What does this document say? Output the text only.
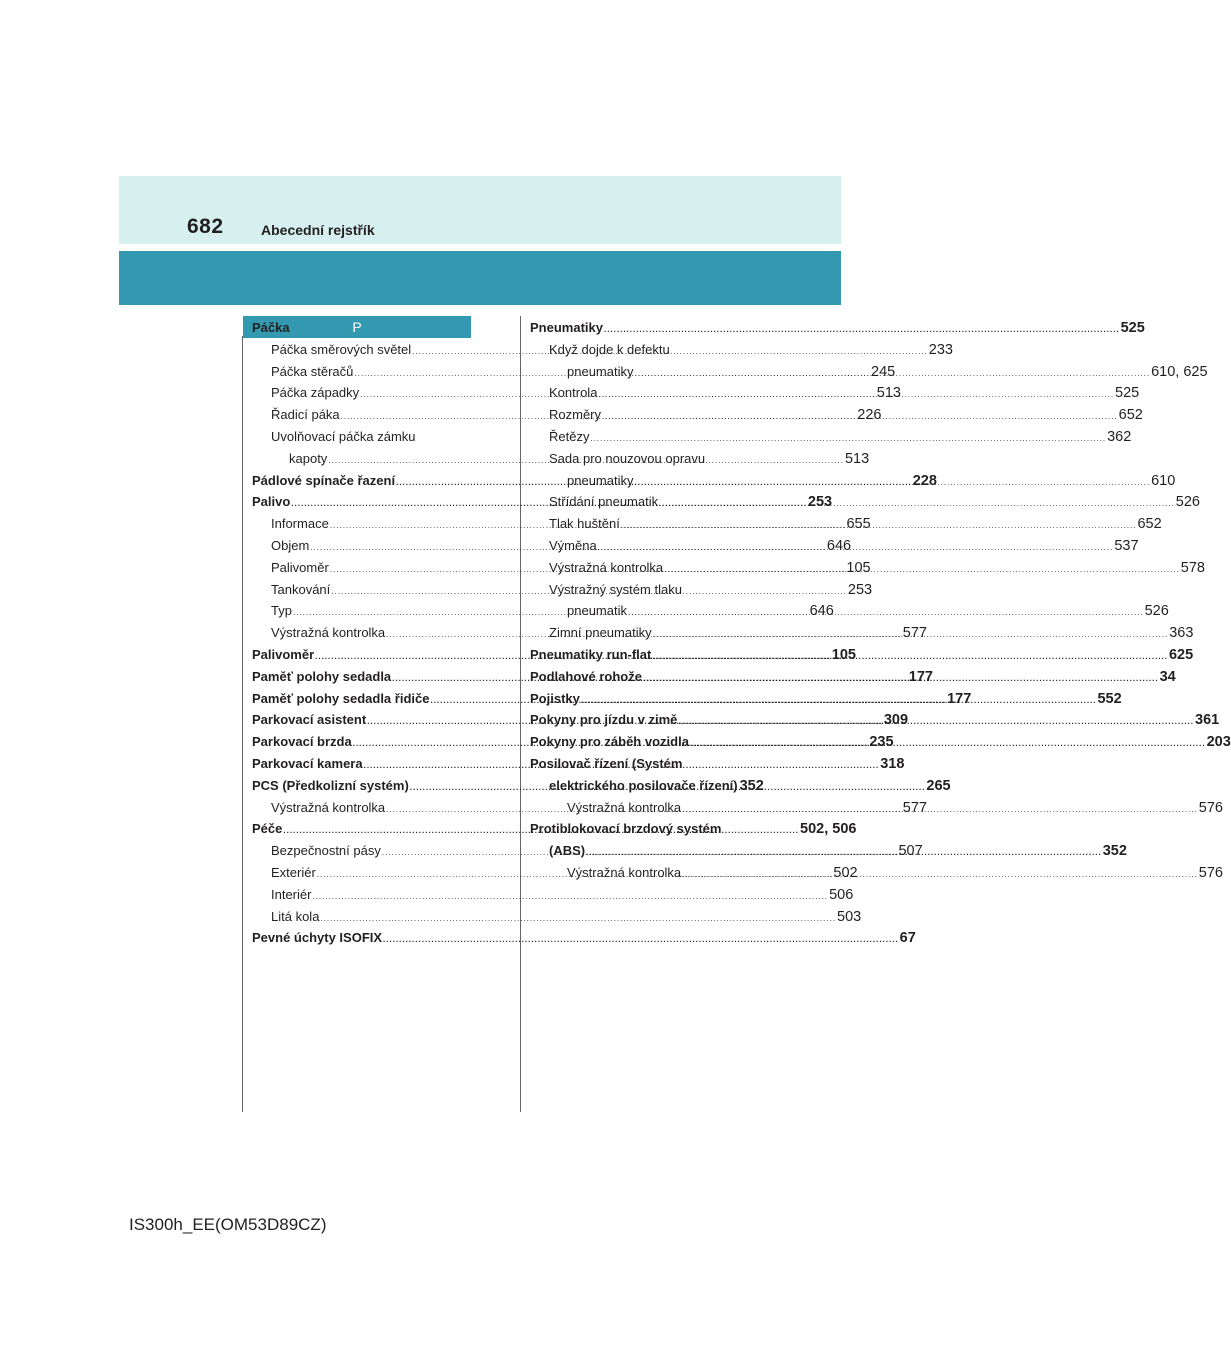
682	Abecední rejstřík
P
Páčka
Páčka směrových světel .....	233
Páčka stěračů .....	245
Páčka západky .....	513
Řadicí páka .....	226
Uvolňovací páčka zámku
kapoty .....	513
Pádlové spínače řazení .....	228
Palivo .....	253
Informace .....	655
Objem .....	646
Palivoměr .....	105
Tankování .....	253
Typ .....	646
Výstražná kontrolka .....	577
Palivoměr .....	105
Paměť polohy sedadla .....	177
Paměť polohy sedadla řidiče .....	177
Parkovací asistent .....	309
Parkovací brzda .....	235
Parkovací kamera .....	318
PCS (Předkolizní systém) .....	265
Výstražná kontrolka .....	577
Péče .....	502, 506
Bezpečnostní pásy .....	507
Exteriér .....	502
Interiér .....	506
Litá kola .....	503
Pevné úchyty ISOFIX .....	67
Pneumatiky .....	525
Když dojde k defektu
pneumatiky .....	610, 625
Kontrola .....	525
Rozměry .....	652
Řetězy .....	362
Sada pro nouzovou opravu
pneumatiky .....	610
Střídání pneumatik .....	526
Tlak huštění .....	652
Výměna .....	537
Výstražná kontrolka .....	578
Výstražný systém tlaku
pneumatik .....	526
Zimní pneumatiky .....	363
Pneumatiky run-flat .....	625
Podlahové rohože .....	34
Pojistky .....	552
Pokyny pro jízdu v zimě .....	361
Pokyny pro záběh vozidla .....	203
Posilovač řízení (Systém
elektrického posilovače řízení) 352
Výstražná kontrolka .....	576
Protiblokovací brzdový systém
(ABS) .....	352
Výstražná kontrolka .....	576
IS300h_EE(OM53D89CZ)
